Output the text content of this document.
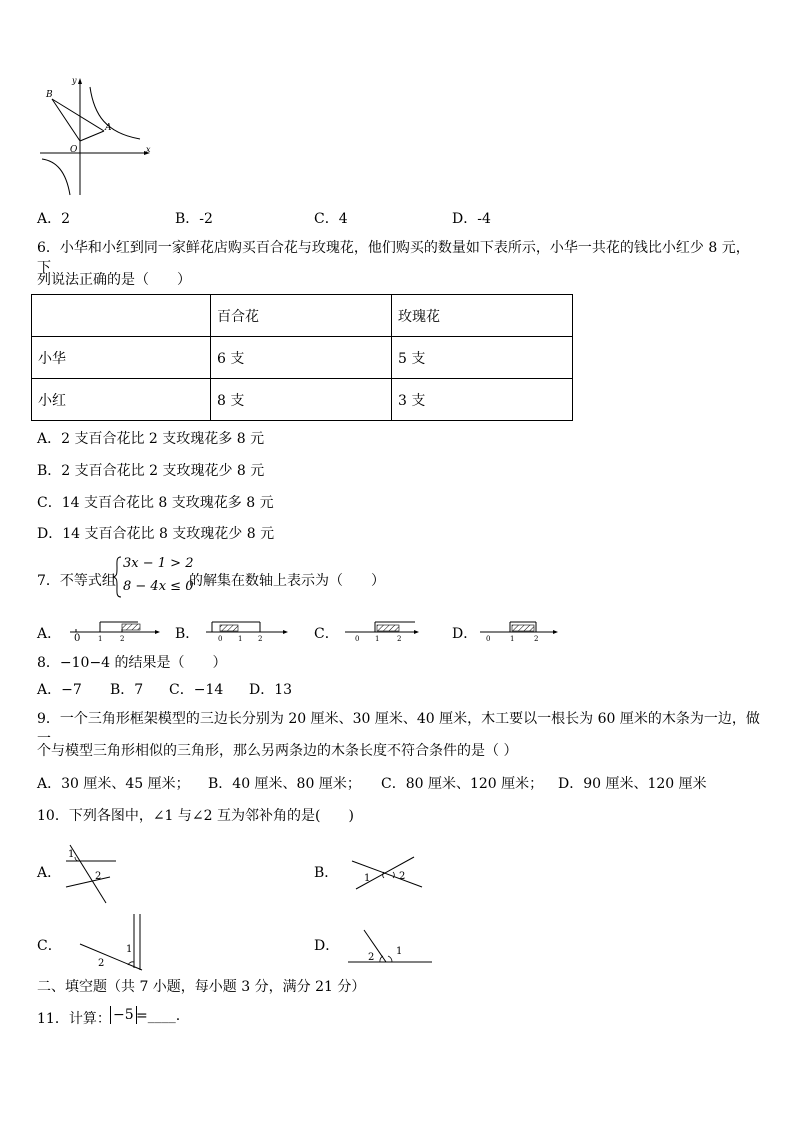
B
A
O	x
y
A．2	B．-2	C．4	D．-4
6．小华和小红到同一家鲜花店购买百合花与玫瑰花，他们购买的数量如下表所示，小华一共花的钱比小红少 8 元，下
列说法正确的是（　　）
	百合花	玫瑰花
小华	6 支	5 支
小红	8 支	3 支
A．2 支百合花比 2 支玫瑰花多 8 元
B．2 支百合花比 2 支玫瑰花少 8 元
C．14 支百合花比 8 支玫瑰花多 8 元
D．14 支百合花比 8 支玫瑰花少 8 元
7．不等式组
3x − 1 > 2
8 − 4x ≤ 0
的解集在数轴上表示为（　　）
A． 0	1	2	B．	0 1 2	C． 0 1	2	D． 0	1	2
8．−10−4 的结果是（　　）
A．−7 B．7 C．−14 D．13
9．一个三角形框架模型的三边长分别为 20 厘米、30 厘米、40 厘米，木工要以一根长为 60 厘米的木条为一边，做一
个与模型三角形相似的三角形，那么另两条边的木条长度不符合条件的是（ ）
A．30 厘米、45 厘米； B．40 厘米、80 厘米； C．80 厘米、120 厘米； D．90 厘米、120 厘米
10．下列各图中，∠1 与∠2 互为邻补角的是(　　)
A．
1
2	B．	1	2
C．	1
2
D．
2
1
二、填空题（共 7 小题，每小题 3 分，满分 21 分）
11．计算： −5 =____.
